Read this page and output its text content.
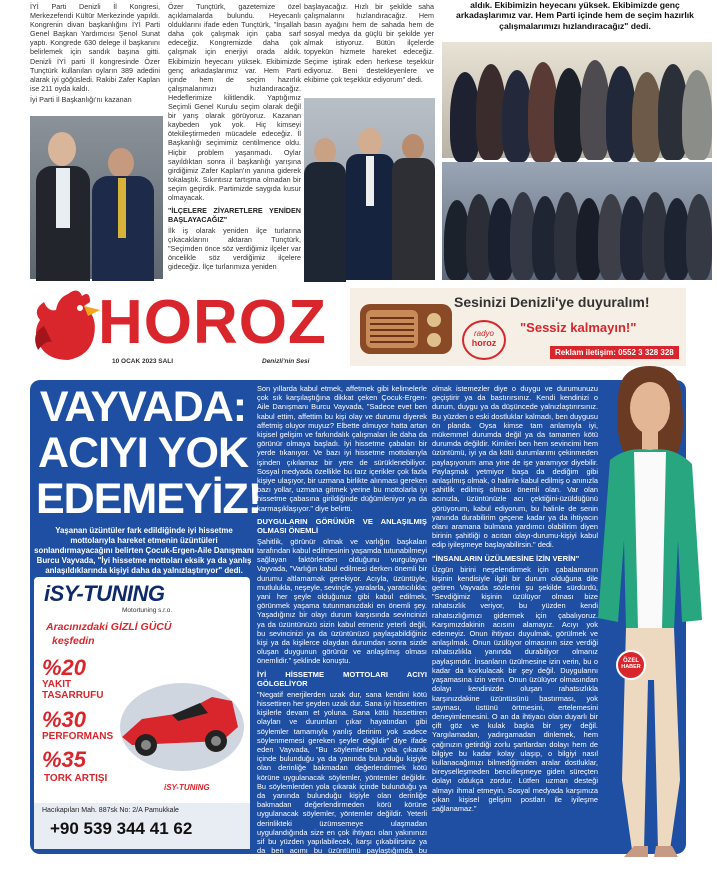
İYİ Parti Denizli İl Kongresi, Merkezefendi Kültür Merkezinde yapıldı. Kongrenin divan başkanlığını İYİ Parti Genel Başkan Yardımcısı Şenol Sunat yaptı. Kongrede 630 delege il başkanını belirlemek için sandık başına gitti. Denizli İYİ parti İl kongresinde Özer Tunçtürk kullanılan oyların 389 adedini alarak iyi göğüsledi. Rakibi Zafer Kaplan ise 211 oyda kaldı.

İyi Parti İl Başkanlığı'nı kazanan

Özer Tunçtürk, gazetemize özel açıklamalarda bulundu. Heyecanlı olduklarını ifade eden Tunçtürk, "İnşallah daha çok çalışmak için çaba sarf edeceğiz. Kongremizde daha çok çalışmak için enerjiyi orada aldık. Ekibimizin heyecanı yüksek. Ekibimizde genç arkadaşlarımız var. Hem Parti içinde hem de seçim hazırlık çalışmalarımızı hızlandıracağız. Hedeflerimize kilitlendik. Yaptığımız Seçimli Genel Kurulu seçim olarak değil bir yarış olarak görüyoruz. Kazanan kaybeden yok yok. Hiç kimseyi ötekileştirmeden mücadele edeceğiz. İl Başkanlığı seçimimiz centilmence oldu. Hiçbir problem yaşanmadı. Oylar sayıldıktan sonra il başkanlığı yarışına girdiğimiz Zafer Kaplan'ın yanına giderek tokalaştık. Sıkıntısız tartışma olmadan bir seçim geçirdik. Partimizde saygıda kusur olmayacak.

"İLÇELERE ZİYARETLERE YENİDEN BAŞLAYACAĞIZ"

İlk iş olarak yeniden ilçe turlarına çıkacaklarını aktaran Tunçtürk, "Seçimden önce söz verdiğimiz ilçeler var öncelikle söz verdiğimiz ilçelere gideceğiz. İlçe turlarımıza yeniden

başlayacağız. Hızlı bir şekilde saha çalışmalarını hızlandıracağız. Hem basın ayağını hem de sahada hem de sosyal medya da güçlü bir şekilde yer almak istiyoruz. Bütün ilçelerde topyekün hizmete hareket edeceğiz. Seçime iştirak eden herkese teşekkür ediyoruz. Beni destekleyenlere ve ekibime çok teşekkür ediyorum" dedi.

aldık. Ekibimizin heyecanı yüksek. Ekibimizde genç arkadaşlarımız var. Hem Parti içinde hem de seçim hazırlık çalışmalarımızı hızlandıracağız" dedi.
HOROZ
10 OCAK 2023 SALI	Denizli'nin Sesi
Sesinizi Denizli'ye duyuralım!
radyo
horoz
"Sessiz kalmayın!"
Reklam iletişim: 0552 3 328 328
VAYVADA:
ACIYI YOK
EDEMEYİZ!
Yaşanan üzüntüler fark edildiğinde iyi hissetme mottolarıyla hareket etmenin üzüntüleri sonlandırmayacağını belirten Çocuk-Ergen-Aile Danışmanı Burcu Vayvada, "İyi hissetme mottoları eksik ya da yanlış anlaşıldıklarında kişiyi daha da yalnızlaştırıyor" dedi.
iSY-TUNING
Motortuning s.r.o.
Aracınızdaki GİZLİ GÜCÜ
keşfedin
%20
YAKIT TASARRUFU
%30
PERFORMANS
%35
TORK ARTIŞI
iSY-TUNING
Hacıkapıları Mah. 887sk No: 2/A Pamukkale
+90 539 344 41 62

Son yıllarda kabul etmek, affetmek gibi kelimelerle çok sık karşılaştığına dikkat çeken Çocuk-Ergen-Aile Danışmanı Burcu Vayvada, "Sadece evet ben kabul ettim, affettim bu kişi olay ve durumu diyerek affetmiş oluyor muyuz? Elbette olmuyor hatta artan kişisel gelişim ve farkındalık çalışmaları ile daha da görünür olmaya başladı. İyi hissetme çabaları bir yerde tıkanıyor. Ve bazı iyi hissetme mottolarıyla işinden çıkılamaz bir yere de sürüklenebiliyor. Sosyal medyada özellikle bu tarz içerikler çok fazla kişiye ulaşıyor, bir uzmana birlikte alınması gereken bazı yollar, uzmana gitmek yerine bu mottolarla iyi hissetme çabasına girildiğinde düğümleniyor ya da karmaşıklaşıyor." diye belirtti.

DUYGULARIN GÖRÜNÜR VE ANLAŞILMIŞ OLMASI ÖNEMLİ

Şahitlik, görünür olmak ve varlığın başkaları tarafından kabul edilmesinin yaşamda tutunabilmeyi sağlayan faktörlerden olduğunu vurgulayan Vayvada, "Varlığın kabul edilmesi derken önemli bir durumu altlamamak gerekiyor. Acıyla, üzüntüyle, mutlulukla, neşeyle, sevinçle, yaralarla, yaratıcılıkla; yani her şeyle olduğunuz gibi kabul edilmek, görünmek yaşama tutunmanızdaki en önemli şey. Yaşadığınız bir olayı durum karşısında sevincinizi ya da üzüntünüzü sizin kabul etmeniz yeterli değil, bu sevincinizi ya da üzüntünüzü paylaşabildiğiniz kişi ya da kişilerce olaydan durumdan sonra sizde oluşan duygunun görünür ve anlaşılmış olması önemlidir." şeklinde konuştu.

İYİ HİSSETME MOTTOLARI ACIYI GÖLGELİYOR

"Negatif enerjilerden uzak dur, sana kendini kötü hissettiren her şeyden uzak dur. Sana iyi hissettiren kişilerle devam et yoluna. Sana kötü hissettiren olayları ve durumları çıkar hayatından gibi söylemler tamamıyla yanlış derinim yok sadece söylenmemesi gereken şeyler değildir" diye ifade eden Vayvada, "Bu söylemlerden yola çıkarak içinde bulunduğu ya da yanında bulunduğu kişiyle olan derinliğe bakmadan değerlendirmek kötü körüne uygulanacak söylemler, yöntemler değildir. Bu söylemlerden yola çıkarak içinde bulunduğu ya da yanında bulunduğu kişiyle olan derinliğe bakmadan değerlendirmeden körü körüne uygulanacak söylemler, yöntemler değildir. Yeterli derinlikteki üzümsemeye ulaşmadan uygulandığında size en çok ihtiyacı olan yakınınızı sif bu yüzden yapılabilecek, karşı çıkabilirsiniz ya da ben acımı bu üzüntümü paylaştığımda bu negatif kötü hissedim halimle çevremdekiler benimle birlikte

olmak istemezler diye o duygu ve durumunuzu geçiştirir ya da bastırırsınız. Kendi kendinizi o durum, duygu ya da düşüncede yalnızlaştırırsınız. Bu yüzden o eski dostluklar kalmadı, ben duygusu ön planda. Oysa kimse tam anlamıyla iyi, mükemmel durumda değil ya da tamamen kötü durumda değildir. Kimileri ben hem sevincimi hem üzüntümü, iyi ya da kötü durumlarımı çekinmeden paylaşıyorum ama yine de işe yaramıyor diyebilir. Paylaşmak yetmiyor başa da dediğim gibi anlaşılmış olmak, o halinle kabul edilmiş o anınızla şahitlik edilmiş olması önemli olan. Var olan acınızla, üzüntünüzle acı çektiğini-üzüldüğünü görüyorum, kabul ediyorum, bu halinle de senin yanında durabilirim geçene kadar ya da ihtiyacın olanı aramana bulmana yardımcı olabilirim diyen birinin şahitliği o acıtan olayı-durumu-kişiyi kabul edip iyileşmeye başlayabilirsin." dedi.

"İNSANLARIN ÜZÜLMESİNE İZİN VERİN"

Üzgün birini neşelendirmek için çabalamanın kişinin kendisiyle ilgili bir durum olduğuna dile getiren Vayvada sözlerini şu şekilde sürdürdü, "Sevdiğimiz kişinin üzülüyor olması bize rahatsızlık veriyor, bu yüzden kendi rahatsızlığımızı gidermek için çabalıyoruz. Karşımızdakinin acısını alamayız. Acıyı yok edemeyiz. Onun ihtiyacı duyulmak, görülmek ve anlaşılmak. Onun üzülüyor olmasının size verdiği rahatsızlıkla yanında durabiliyor olmanız paylaşımdır. İnsanların üzülmesine izin verin, bu o kadar da korkulacak bir şey değil. Duygularını yaşamasına izin verin. Onun üzülüyor olmasından dolayı kendinizde oluşan rahatsızlıkla karşınızdakine üzüntüsünü bastırması, yok sayması, üstünü örtmesini, ertelemesini deneyimlemesini. O an da ihtiyacı olan duyarlı bir çift göz ve kulak başka bir şey değil. Yargılamadan, yadırgamadan dinlemek, hem çağınızın getirdiği zorlu şartlardan dolayı hem de bilgiye bu kadar kolay ulaşıp, o bilgiyi nasıl kullanacağımızı bilmediğimiden aralar dostluklar, bireyselleşmeden benciİleşmeye giden süreçten dolayı oldukça zordur. Lütfen uzman desteği almayı ihmal etmeyin. Sosyal medyada karşımıza çıkan kişisel gelişim postları ile iyileşme sağlanamaz."

ÖZEL
HABER
